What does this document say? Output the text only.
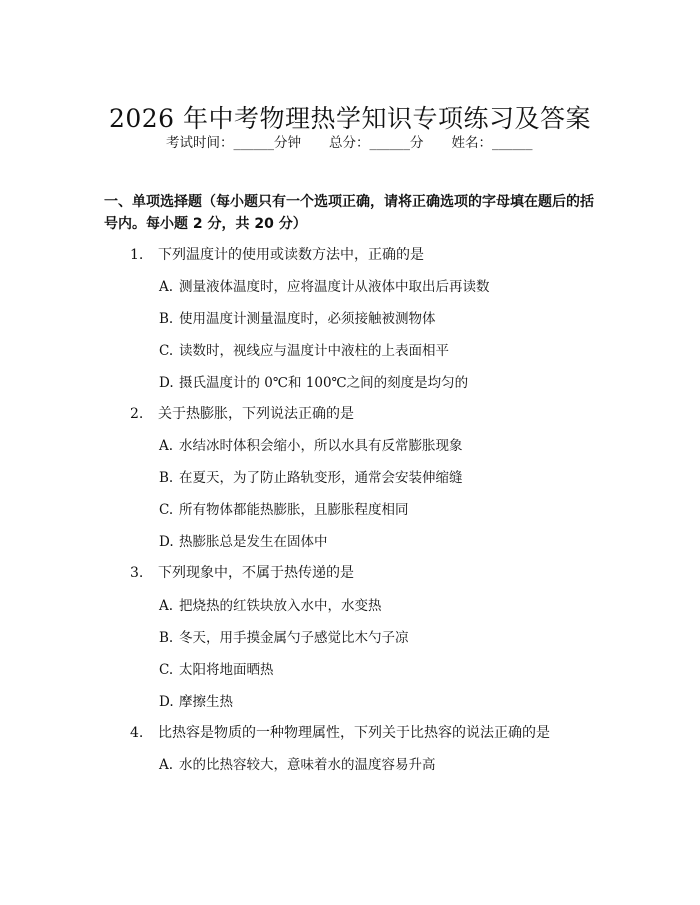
2026 年中考物理热学知识专项练习及答案
考试时间：______分钟 总分：______分 姓名：______
一、单项选择题（每小题只有一个选项正确，请将正确选项的字母填在题后的括号内。每小题 2 分，共 20 分）
1. 下列温度计的使用或读数方法中，正确的是
A. 测量液体温度时，应将温度计从液体中取出后再读数
B. 使用温度计测量温度时，必须接触被测物体
C. 读数时，视线应与温度计中液柱的上表面相平
D. 摄氏温度计的 0℃和 100℃之间的刻度是均匀的
2. 关于热膨胀，下列说法正确的是
A. 水结冰时体积会缩小，所以水具有反常膨胀现象
B. 在夏天，为了防止路轨变形，通常会安装伸缩缝
C. 所有物体都能热膨胀，且膨胀程度相同
D. 热膨胀总是发生在固体中
3. 下列现象中，不属于热传递的是
A. 把烧热的红铁块放入水中，水变热
B. 冬天，用手摸金属勺子感觉比木勺子凉
C. 太阳将地面晒热
D. 摩擦生热
4. 比热容是物质的一种物理属性，下列关于比热容的说法正确的是
A. 水的比热容较大，意味着水的温度容易升高
